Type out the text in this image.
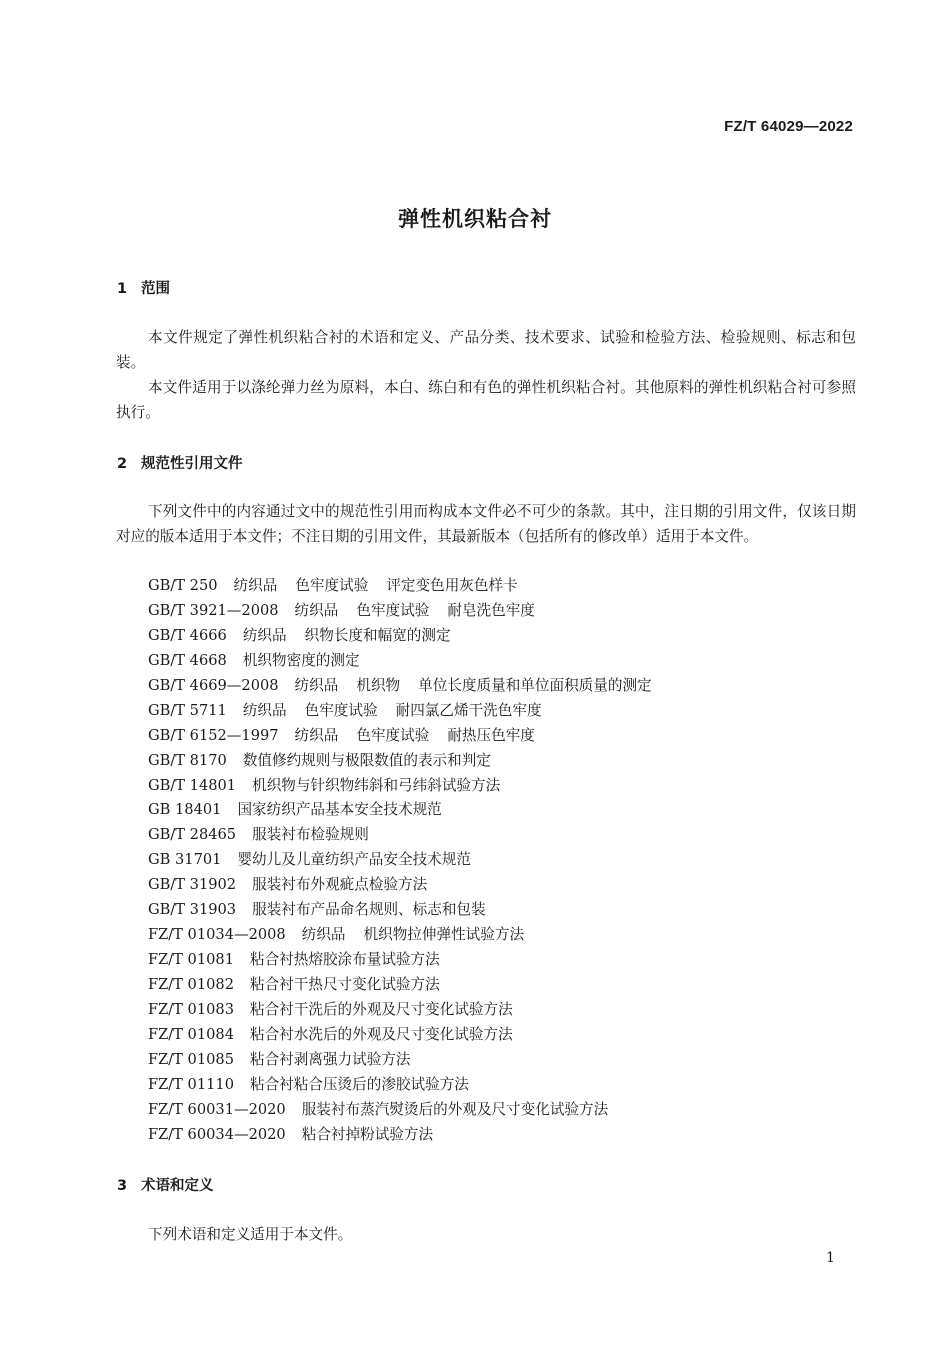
FZ/T 64029—2022
弹性机织粘合衬
1 范围
本文件规定了弹性机织粘合衬的术语和定义、产品分类、技术要求、试验和检验方法、检验规则、标志和包装。
本文件适用于以涤纶弹力丝为原料，本白、练白和有色的弹性机织粘合衬。其他原料的弹性机织粘合衬可参照执行。
2 规范性引用文件
下列文件中的内容通过文中的规范性引用而构成本文件必不可少的条款。其中，注日期的引用文件，仅该日期对应的版本适用于本文件；不注日期的引用文件，其最新版本（包括所有的修改单）适用于本文件。
GB/T 250 纺织品 色牢度试验 评定变色用灰色样卡
GB/T 3921—2008 纺织品 色牢度试验 耐皂洗色牢度
GB/T 4666 纺织品 织物长度和幅宽的测定
GB/T 4668 机织物密度的测定
GB/T 4669—2008 纺织品 机织物 单位长度质量和单位面积质量的测定
GB/T 5711 纺织品 色牢度试验 耐四氯乙烯干洗色牢度
GB/T 6152—1997 纺织品 色牢度试验 耐热压色牢度
GB/T 8170 数值修约规则与极限数值的表示和判定
GB/T 14801 机织物与针织物纬斜和弓纬斜试验方法
GB 18401 国家纺织产品基本安全技术规范
GB/T 28465 服装衬布检验规则
GB 31701 婴幼儿及儿童纺织产品安全技术规范
GB/T 31902 服装衬布外观疵点检验方法
GB/T 31903 服装衬布产品命名规则、标志和包装
FZ/T 01034—2008 纺织品 机织物拉伸弹性试验方法
FZ/T 01081 粘合衬热熔胶涂布量试验方法
FZ/T 01082 粘合衬干热尺寸变化试验方法
FZ/T 01083 粘合衬干洗后的外观及尺寸变化试验方法
FZ/T 01084 粘合衬水洗后的外观及尺寸变化试验方法
FZ/T 01085 粘合衬剥离强力试验方法
FZ/T 01110 粘合衬粘合压烫后的渗胶试验方法
FZ/T 60031—2020 服装衬布蒸汽熨烫后的外观及尺寸变化试验方法
FZ/T 60034—2020 粘合衬掉粉试验方法
3 术语和定义
下列术语和定义适用于本文件。
1
